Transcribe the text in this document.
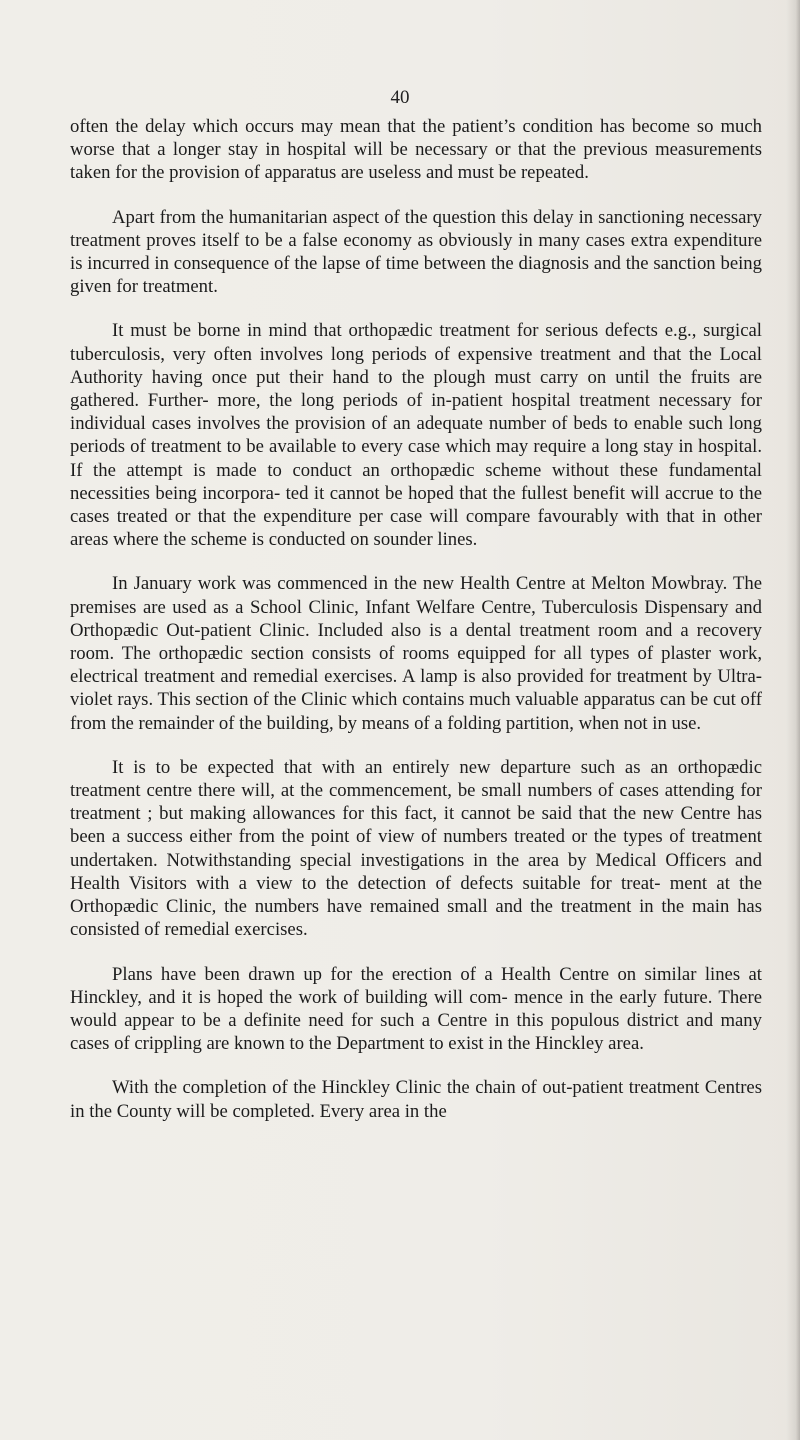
40

often the delay which occurs may mean that the patient’s condition has become so much worse that a longer stay in hospital will be necessary or that the previous measurements taken for the provision of apparatus are useless and must be repeated.

Apart from the humanitarian aspect of the question this delay in sanctioning necessary treatment proves itself to be a false economy as obviously in many cases extra expenditure is incurred in consequence of the lapse of time between the diagnosis and the sanction being given for treatment.

It must be borne in mind that orthopædic treatment for serious defects e.g., surgical tuberculosis, very often involves long periods of expensive treatment and that the Local Authority having once put their hand to the plough must carry on until the fruits are gathered. Further- more, the long periods of in-patient hospital treatment necessary for individual cases involves the provision of an adequate number of beds to enable such long periods of treatment to be available to every case which may require a long stay in hospital. If the attempt is made to conduct an orthopædic scheme without these fundamental necessities being incorpora- ted it cannot be hoped that the fullest benefit will accrue to the cases treated or that the expenditure per case will compare favourably with that in other areas where the scheme is conducted on sounder lines.

In January work was commenced in the new Health Centre at Melton Mowbray. The premises are used as a School Clinic, Infant Welfare Centre, Tuberculosis Dispensary and Orthopædic Out-patient Clinic. Included also is a dental treatment room and a recovery room. The orthopædic section consists of rooms equipped for all types of plaster work, electrical treatment and remedial exercises. A lamp is also provided for treatment by Ultra-violet rays. This section of the Clinic which contains much valuable apparatus can be cut off from the remainder of the building, by means of a folding partition, when not in use.

It is to be expected that with an entirely new departure such as an orthopædic treatment centre there will, at the commencement, be small numbers of cases attending for treatment ; but making allowances for this fact, it cannot be said that the new Centre has been a success either from the point of view of numbers treated or the types of treatment undertaken. Notwithstanding special investigations in the area by Medical Officers and Health Visitors with a view to the detection of defects suitable for treat- ment at the Orthopædic Clinic, the numbers have remained small and the treatment in the main has consisted of remedial exercises.

Plans have been drawn up for the erection of a Health Centre on similar lines at Hinckley, and it is hoped the work of building will com- mence in the early future. There would appear to be a definite need for such a Centre in this populous district and many cases of crippling are known to the Department to exist in the Hinckley area.

With the completion of the Hinckley Clinic the chain of out-patient treatment Centres in the County will be completed. Every area in the
